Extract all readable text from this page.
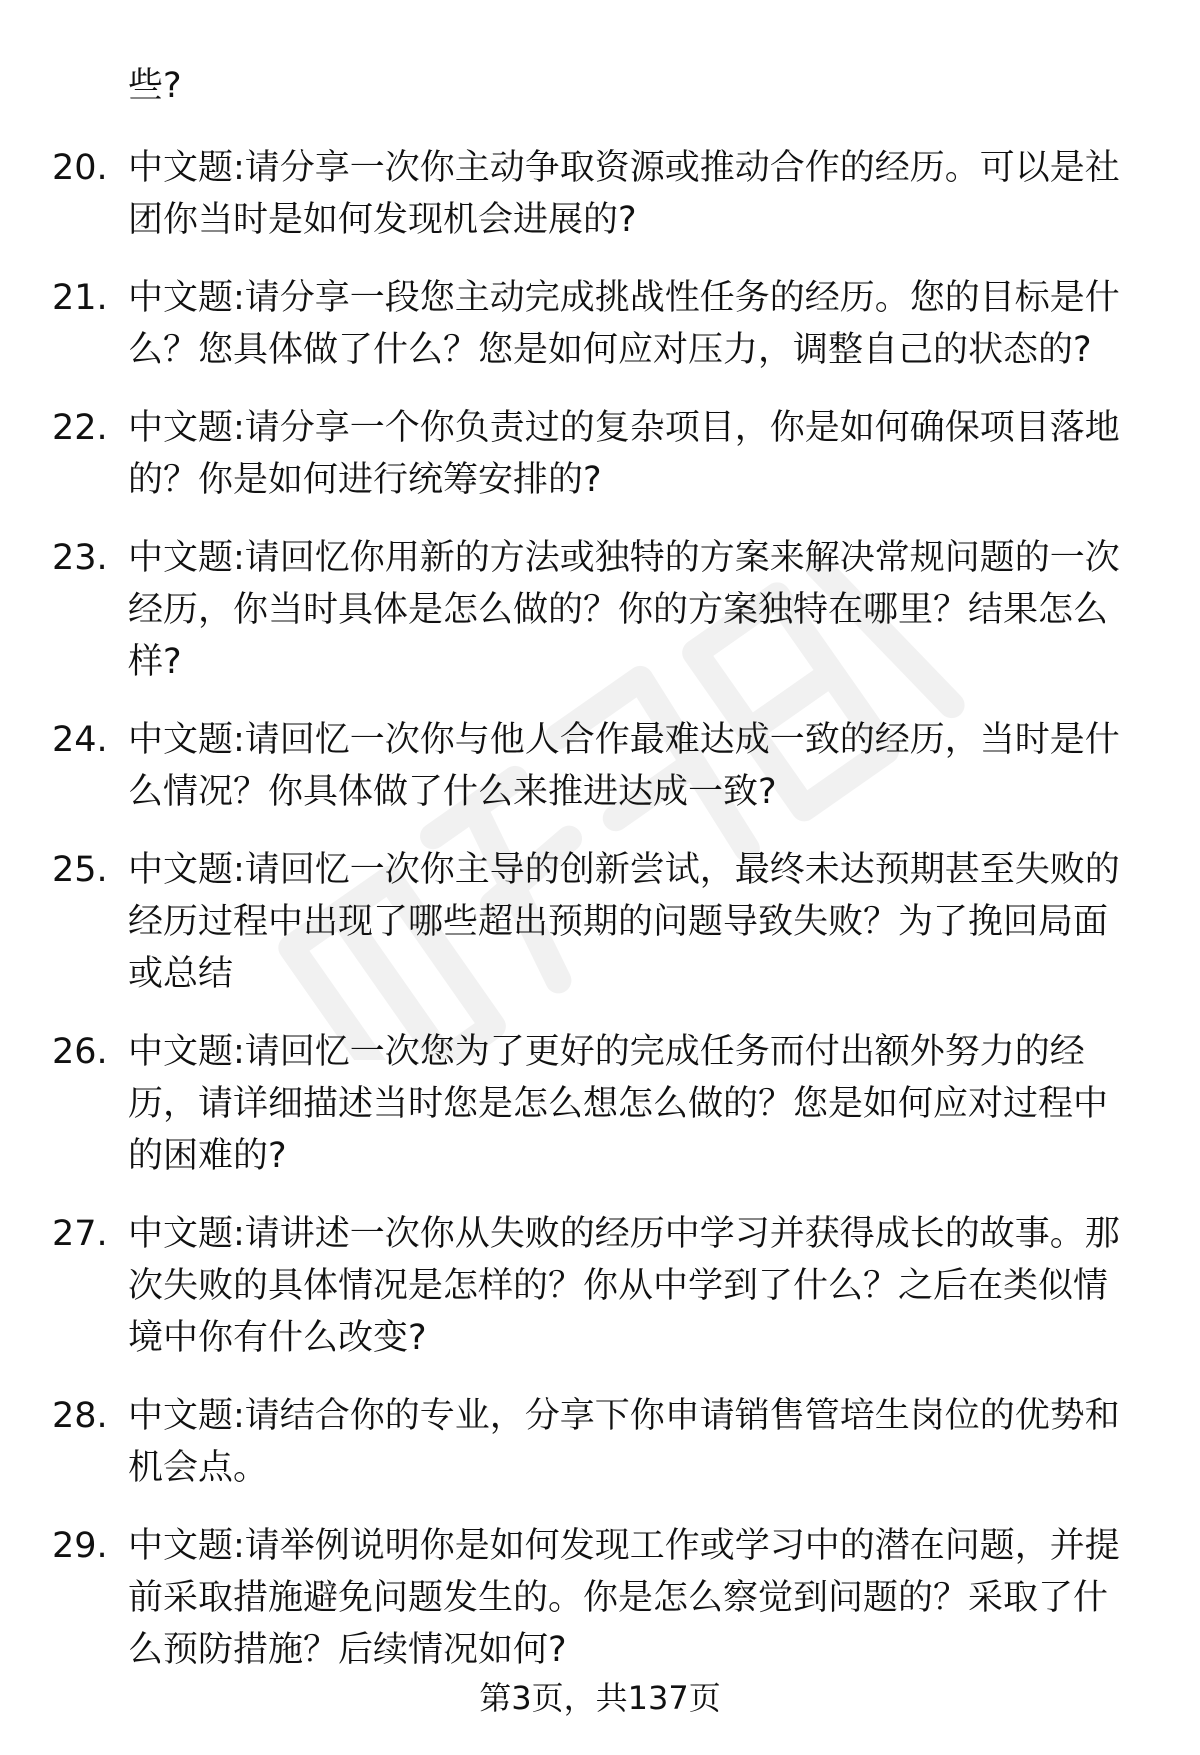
些?
20. 中文题:请分享一次你主动争取资源或推动合作的经历。可以是社
团你当时是如何发现机会进展的?
21. 中文题:请分享一段您主动完成挑战性任务的经历。您的目标是什
么？您具体做了什么？您是如何应对压力，调整自己的状态的?
22. 中文题:请分享一个你负责过的复杂项目，你是如何确保项目落地
的？你是如何进行统筹安排的?
23. 中文题:请回忆你用新的方法或独特的方案来解决常规问题的一次
经历，你当时具体是怎么做的？你的方案独特在哪里？结果怎么
样?
24. 中文题:请回忆一次你与他人合作最难达成一致的经历，当时是什
么情况？你具体做了什么来推进达成一致?
25. 中文题:请回忆一次你主导的创新尝试，最终未达预期甚至失败的
经历过程中出现了哪些超出预期的问题导致失败？为了挽回局面
或总结
26. 中文题:请回忆一次您为了更好的完成任务而付出额外努力的经
历，请详细描述当时您是怎么想怎么做的？您是如何应对过程中
的困难的?
27. 中文题:请讲述一次你从失败的经历中学习并获得成长的故事。那
次失败的具体情况是怎样的？你从中学到了什么？之后在类似情
境中你有什么改变?
28. 中文题:请结合你的专业，分享下你申请销售管培生岗位的优势和
机会点。
29. 中文题:请举例说明你是如何发现工作或学习中的潜在问题，并提
前采取措施避免问题发生的。你是怎么察觉到问题的？采取了什
么预防措施？后续情况如何?
第3页，共137页
